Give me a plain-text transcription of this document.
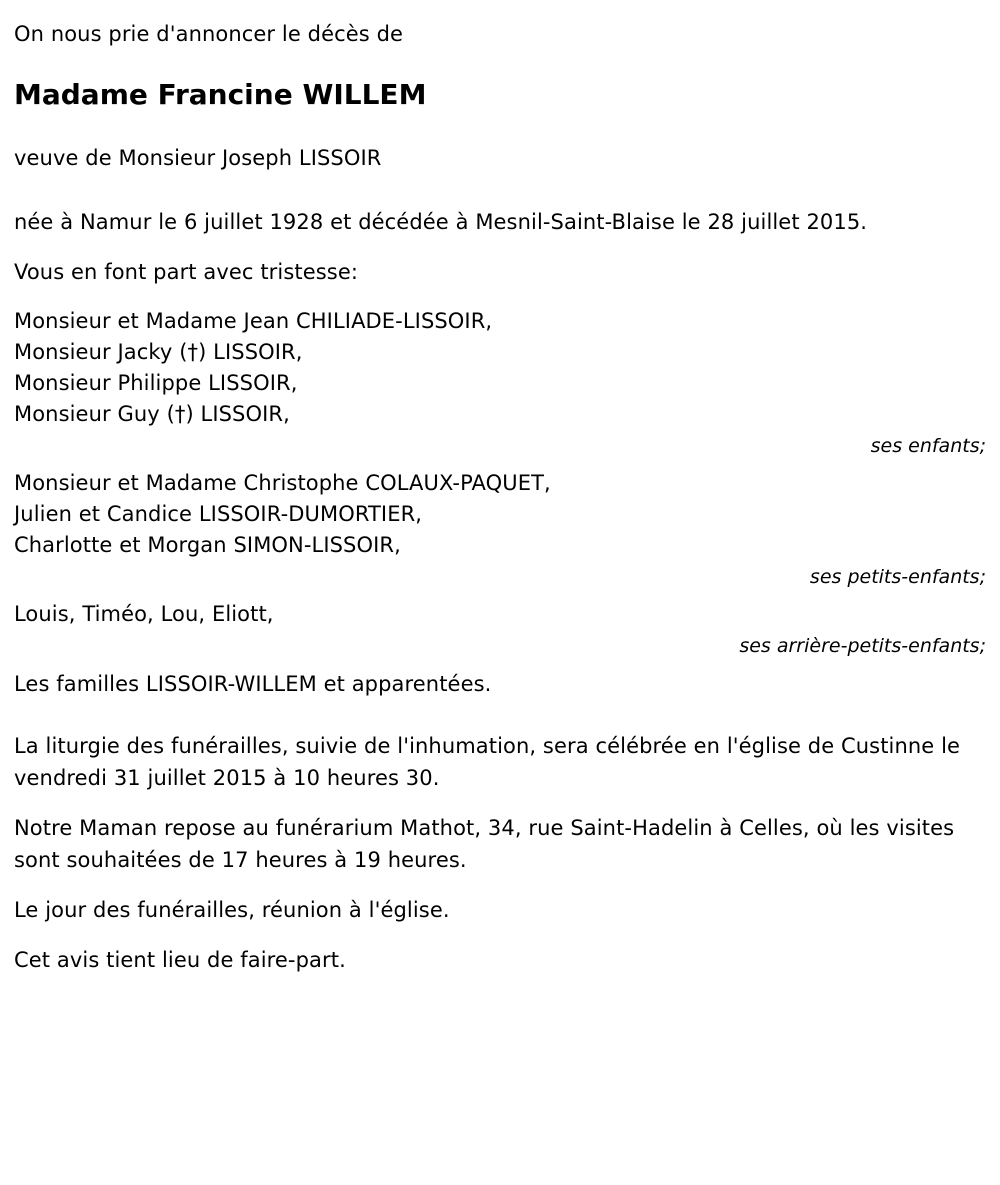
On nous prie d'annoncer le décès de
Madame Francine WILLEM
veuve de Monsieur Joseph LISSOIR
née à Namur le 6 juillet 1928 et décédée à Mesnil-Saint-Blaise le 28 juillet 2015.
Vous en font part avec tristesse:
Monsieur et Madame Jean CHILIADE-LISSOIR,
Monsieur Jacky (†) LISSOIR,
Monsieur Philippe LISSOIR,
Monsieur Guy (†) LISSOIR,
ses enfants;
Monsieur et Madame Christophe COLAUX-PAQUET,
Julien et Candice LISSOIR-DUMORTIER,
Charlotte et Morgan SIMON-LISSOIR,
ses petits-enfants;
Louis, Timéo, Lou, Eliott,
ses arrière-petits-enfants;
Les familles LISSOIR-WILLEM et apparentées.
La liturgie des funérailles, suivie de l'inhumation, sera célébrée en l'église de Custinne le vendredi 31 juillet 2015 à 10 heures 30.
Notre Maman repose au funérarium Mathot, 34, rue Saint-Hadelin à Celles, où les visites sont souhaitées de 17 heures à 19 heures.
Le jour des funérailles, réunion à l'église.
Cet avis tient lieu de faire-part.
